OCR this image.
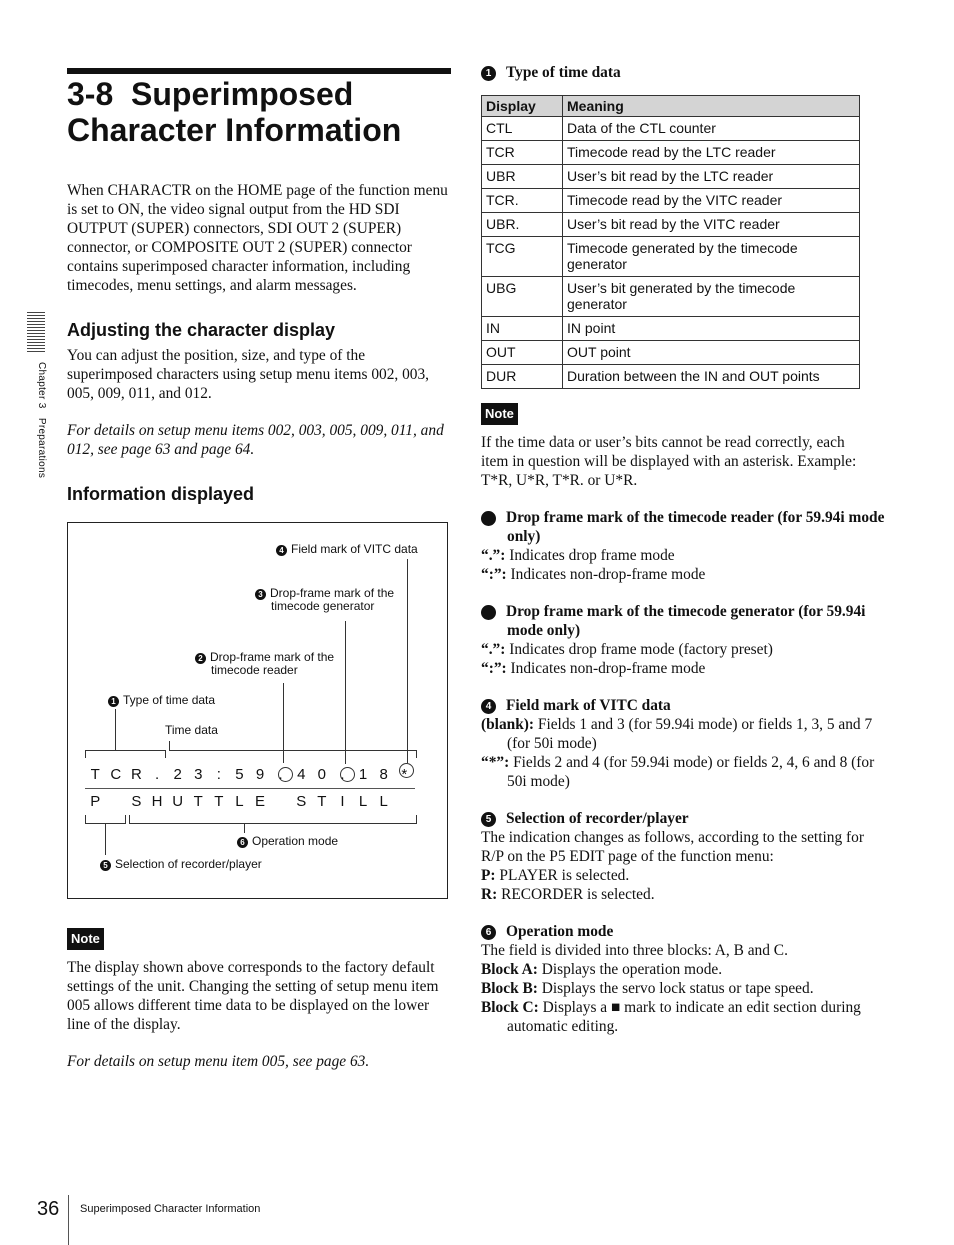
3-8  Superimposed
Character Information

When CHARACTR on the HOME page of the function menu is set to ON, the video signal output from the HD SDI OUTPUT (SUPER) connectors, SDI OUT 2 (SUPER) connector, or COMPOSITE OUT 2 (SUPER) connector contains superimposed character information, including timecodes, menu settings, and alarm messages.

Adjusting the character display

You can adjust the position, size, and type of the superimposed characters using setup menu items 002, 003, 005, 009, 011, and 012.

For details on setup menu items 002, 003, 005, 009, 011, and 012, see page 63 and page 64.

Information displayed
Chapter 3   Preparations
4 Field mark of VITC data
3 Drop-frame mark of the
timecode generator
2 Drop-frame mark of the
timecode reader
1 Type of time data
Time data
T C R . 2 3 : 5 9 . 4 0 . 1 8 *
P	S H U T T L E	S T I L L
6 Operation mode
5 Selection of recorder/player
Note

The display shown above corresponds to the factory default settings of the unit. Changing the setting of setup menu item 005 allows different time data to be displayed on the lower line of the display.

For details on setup menu item 005, see page 63.

1 Type of time data

Display	Meaning
CTL	Data of the CTL counter
TCR	Timecode read by the LTC reader
UBR	User’s bit read by the LTC reader
TCR.	Timecode read by the VITC reader
UBR.	User’s bit read by the VITC reader
TCG	Timecode generated by the timecode generator
UBG	User’s bit generated by the timecode generator
IN	IN point
OUT	OUT point
DUR	Duration between the IN and OUT points
Note

If the time data or user’s bits cannot be read correctly, each item in question will be displayed with an asterisk. Example: T*R, U*R, T*R. or U*R.

2 Drop frame mark of the timecode reader (for 59.94i mode only)

“.”: Indicates drop frame mode

“:”: Indicates non-drop-frame mode

3 Drop frame mark of the timecode generator (for 59.94i mode only)

“.”: Indicates drop frame mode (factory preset)

“:”: Indicates non-drop-frame mode

4 Field mark of VITC data

(blank): Fields 1 and 3 (for 59.94i mode) or fields 1, 3, 5 and 7 (for 50i mode)

“*”: Fields 2 and 4 (for 59.94i mode) or fields 2, 4, 6 and 8 (for 50i mode)

5 Selection of recorder/player

The indication changes as follows, according to the setting for R/P on the P5 EDIT page of the function menu:

P: PLAYER is selected.

R: RECORDER is selected.

6 Operation mode

The field is divided into three blocks: A, B and C.

Block A: Displays the operation mode.

Block B: Displays the servo lock status or tape speed.

Block C: Displays a ■ mark to indicate an edit section during automatic editing.

36 Superimposed Character Information
